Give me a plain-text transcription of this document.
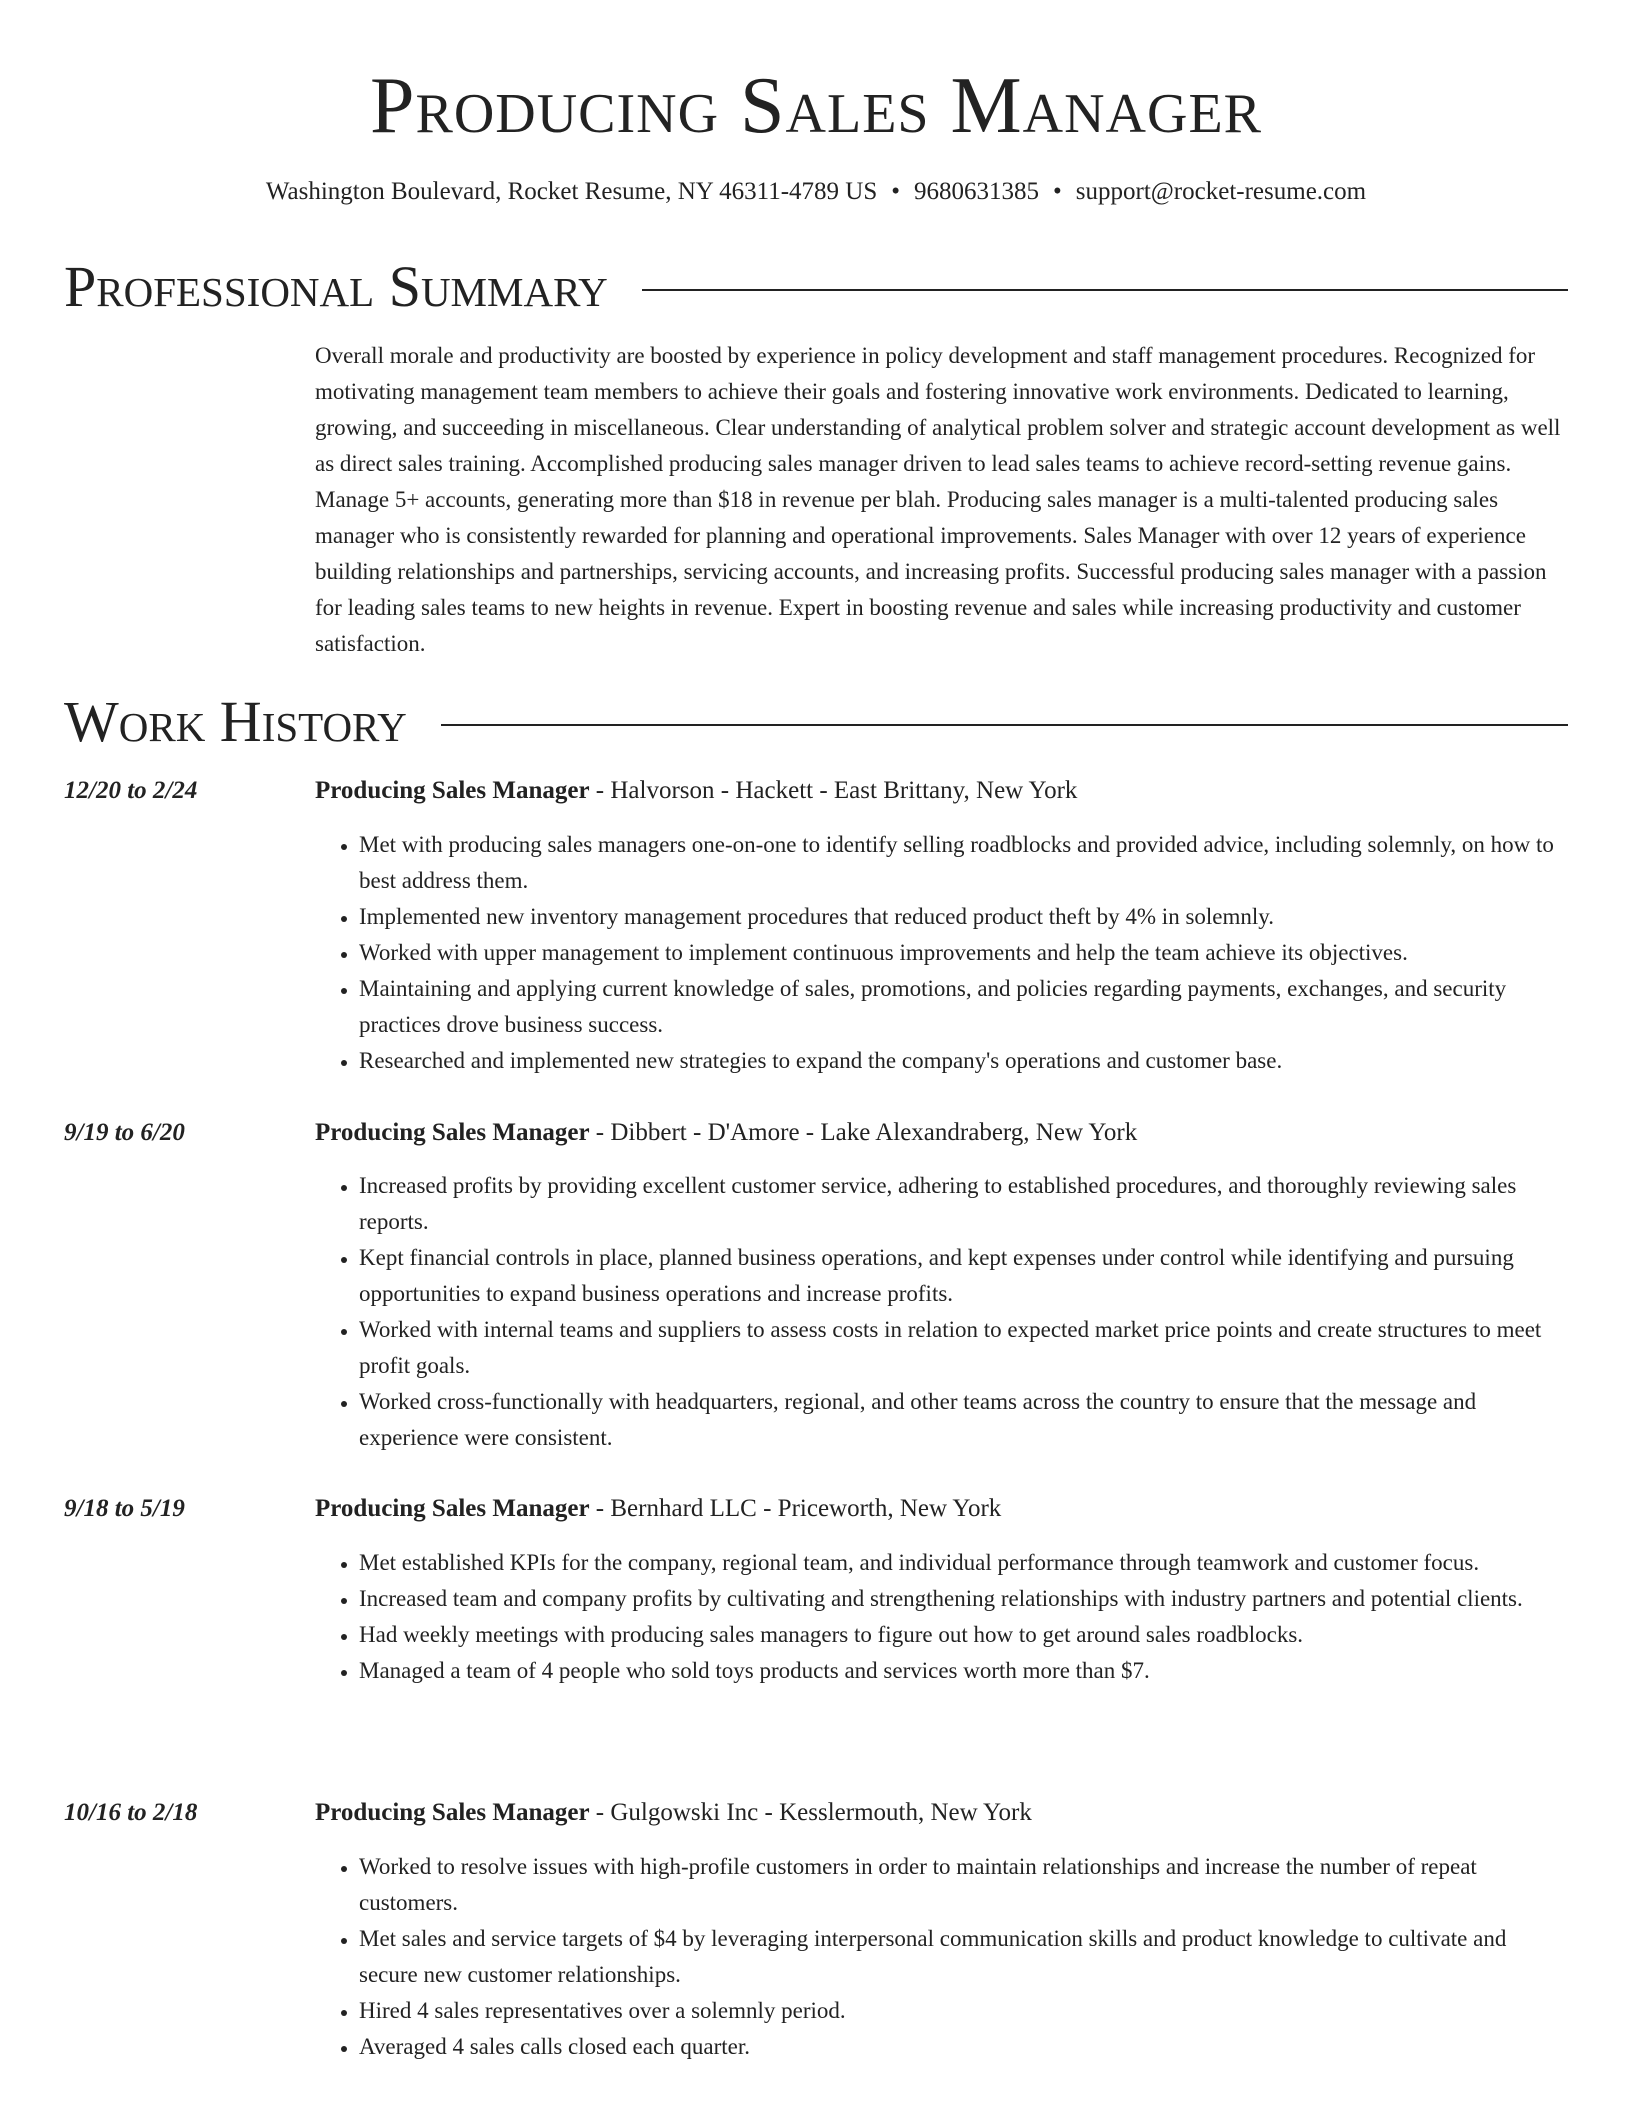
Producing Sales Manager
Washington Boulevard, Rocket Resume, NY 46311-4789 US • 9680631385 • support@rocket-resume.com
Professional Summary

Overall morale and productivity are boosted by experience in policy development and staff management procedures. Recognized for motivating management team members to achieve their goals and fostering innovative work environments. Dedicated to learning, growing, and succeeding in miscellaneous. Clear understanding of analytical problem solver and strategic account development as well as direct sales training. Accomplished producing sales manager driven to lead sales teams to achieve record-setting revenue gains. Manage 5+ accounts, generating more than $18 in revenue per blah. Producing sales manager is a multi-talented producing sales manager who is consistently rewarded for planning and operational improvements. Sales Manager with over 12 years of experience building relationships and partnerships, servicing accounts, and increasing profits. Successful producing sales manager with a passion for leading sales teams to new heights in revenue. Expert in boosting revenue and sales while increasing productivity and customer satisfaction.

Work History
12/20 to 2/24	Producing Sales Manager - Halvorson - Hackett - East Brittany, New York
• Met with producing sales managers one-on-one to identify selling roadblocks and provided advice, including solemnly, on how to best address them.
• Implemented new inventory management procedures that reduced product theft by 4% in solemnly.
• Worked with upper management to implement continuous improvements and help the team achieve its objectives.
• Maintaining and applying current knowledge of sales, promotions, and policies regarding payments, exchanges, and security practices drove business success.
• Researched and implemented new strategies to expand the company's operations and customer base.
9/19 to 6/20	Producing Sales Manager - Dibbert - D'Amore - Lake Alexandraberg, New York
• Increased profits by providing excellent customer service, adhering to established procedures, and thoroughly reviewing sales reports.
• Kept financial controls in place, planned business operations, and kept expenses under control while identifying and pursuing opportunities to expand business operations and increase profits.
• Worked with internal teams and suppliers to assess costs in relation to expected market price points and create structures to meet profit goals.
• Worked cross-functionally with headquarters, regional, and other teams across the country to ensure that the message and experience were consistent.
9/18 to 5/19	Producing Sales Manager - Bernhard LLC - Priceworth, New York
• Met established KPIs for the company, regional team, and individual performance through teamwork and customer focus.
• Increased team and company profits by cultivating and strengthening relationships with industry partners and potential clients.
• Had weekly meetings with producing sales managers to figure out how to get around sales roadblocks.
• Managed a team of 4 people who sold toys products and services worth more than $7.
10/16 to 2/18	Producing Sales Manager - Gulgowski Inc - Kesslermouth, New York
• Worked to resolve issues with high-profile customers in order to maintain relationships and increase the number of repeat customers.
• Met sales and service targets of $4 by leveraging interpersonal communication skills and product knowledge to cultivate and secure new customer relationships.
• Hired 4 sales representatives over a solemnly period.
• Averaged 4 sales calls closed each quarter.
